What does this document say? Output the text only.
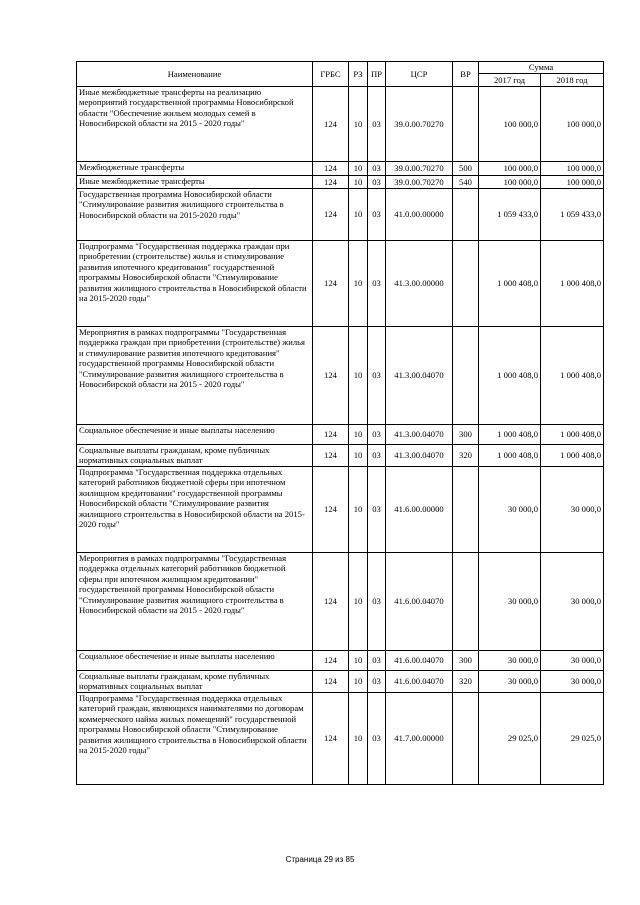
Наименование	ГРБС	РЗ	ПР	ЦСР	ВР	Сумма	
						2017 год	2018 год
Иные межбюджетные трансферты на реализацию мероприятий государственной программы Новосибирской области "Обеспечение жильем молодых семей в Новосибирской области на 2015 - 2020 годы"	124	10	03	39.0.00.70270		100 000,0	100 000,0
Межбюджетные трансферты	124	10	03	39.0.00.70270	500	100 000,0	100 000,0
Иные межбюджетные трансферты	124	10	03	39.0.00.70270	540	100 000,0	100 000,0
Государственная программа Новосибирской области "Стимулирование развития жилищного строительства в Новосибирской области на 2015-2020 годы"	124	10	03	41.0.00.00000		1 059 433,0	1 059 433,0
Подпрограмма "Государственная поддержка граждан при приобретении (строительстве) жилья и стимулирование развития ипотечного кредитования" государственной программы Новосибирской области "Стимулирование развития жилищного строительства в Новосибирской области на 2015-2020 годы"	124	10	03	41.3.00.00000		1 000 408,0	1 000 408,0
Мероприятия в рамках подпрограммы "Государственная поддержка граждан при приобретении (строительстве) жилья и стимулирование развития ипотечного кредитования" государственной программы Новосибирской области "Стимулирование развития жилищного строительства в Новосибирской области на 2015 - 2020 годы"	124	10	03	41.3.00.04070		1 000 408,0	1 000 408,0
Социальное обеспечение и иные выплаты населению	124	10	03	41.3.00.04070	300	1 000 408,0	1 000 408,0
Социальные выплаты гражданам, кроме публичных нормативных социальных выплат	124	10	03	41.3.00.04070	320	1 000 408,0	1 000 408,0
Подпрограмма "Государственная поддержка отдельных категорий работников бюджетной сферы при ипотечном жилищном кредитовании" государственной программы Новосибирской области "Стимулирование развития жилищного строительства в Новосибирской области на 2015-2020 годы"	124	10	03	41.6.00.00000		30 000,0	30 000,0
Мероприятия в рамках подпрограммы "Государственная поддержка отдельных категорий работников бюджетной сферы при ипотечном жилищном кредитовании" государственной программы Новосибирской области "Стимулирование развития жилищного строительства в Новосибирской области на 2015 - 2020 годы"	124	10	03	41.6.00.04070		30 000,0	30 000,0
Социальное обеспечение и иные выплаты населению	124	10	03	41.6.00.04070	300	30 000,0	30 000,0
Социальные выплаты гражданам, кроме публичных нормативных социальных выплат	124	10	03	41.6.00.04070	320	30 000,0	30 000,0
Подпрограмма "Государственная поддержка отдельных категорий граждан, являющихся нанимателями по договорам коммерческого найма жилых помещений" государственной программы Новосибирской области "Стимулирование развития жилищного строительства в Новосибирской области на 2015-2020 годы"	124	10	03	41.7.00.00000		29 025,0	29 025,0
Страница 29 из 85
